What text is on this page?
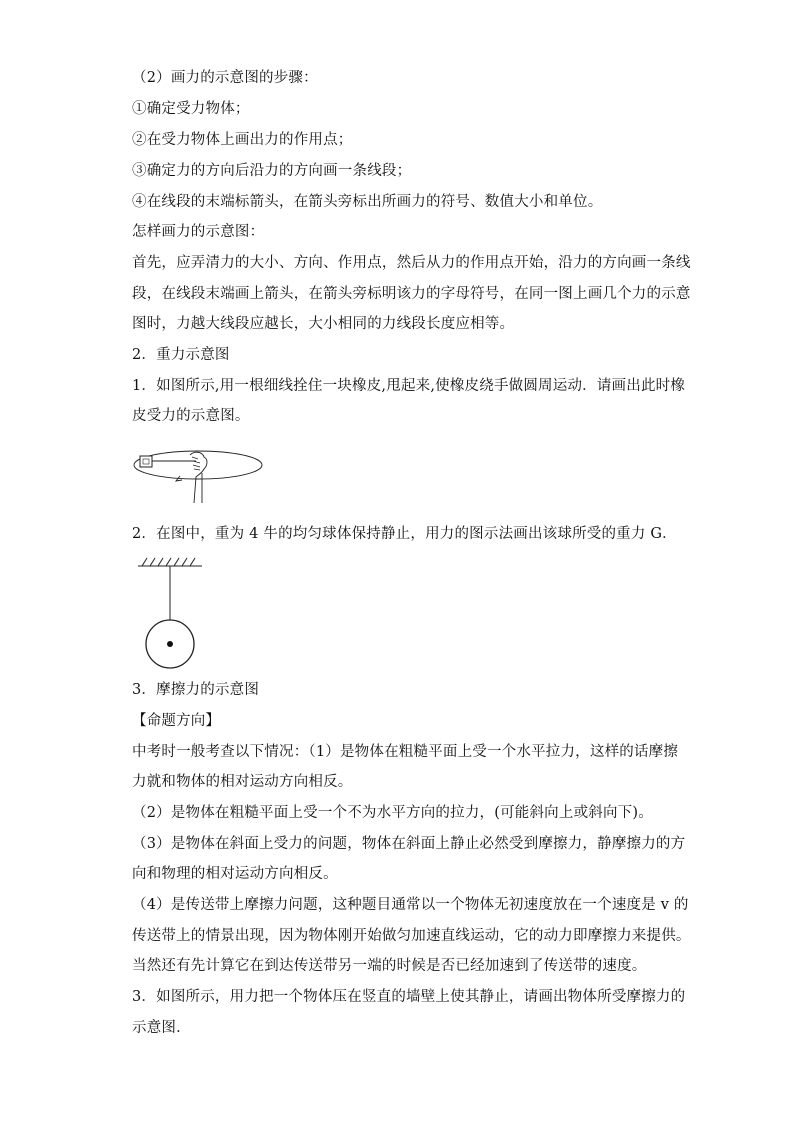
（2）画力的示意图的步骤：
①确定受力物体；
②在受力物体上画出力的作用点；
③确定力的方向后沿力的方向画一条线段；
④在线段的末端标箭头，在箭头旁标出所画力的符号、数值大小和单位。
怎样画力的示意图：
首先，应弄清力的大小、方向、作用点，然后从力的作用点开始，沿力的方向画一条线
段，在线段末端画上箭头，在箭头旁标明该力的字母符号，在同一图上画几个力的示意
图时，力越大线段应越长，大小相同的力线段长度应相等。
2．重力示意图
1．如图所示,用一根细线拴住一块橡皮,甩起来,使橡皮绕手做圆周运动．请画出此时橡
皮受力的示意图。
2．在图中，重为 4 牛的均匀球体保持静止，用力的图示法画出该球所受的重力 G．
3．摩擦力的示意图
【命题方向】
中考时一般考查以下情况：（1）是物体在粗糙平面上受一个水平拉力，这样的话摩擦
力就和物体的相对运动方向相反。
（2）是物体在粗糙平面上受一个不为水平方向的拉力，(可能斜向上或斜向下)。
（3）是物体在斜面上受力的问题，物体在斜面上静止必然受到摩擦力，静摩擦力的方
向和物理的相对运动方向相反。
（4）是传送带上摩擦力问题，这种题目通常以一个物体无初速度放在一个速度是 v 的
传送带上的情景出现，因为物体刚开始做匀加速直线运动，它的动力即摩擦力来提供。
当然还有先计算它在到达传送带另一端的时候是否已经加速到了传送带的速度。
3．如图所示，用力把一个物体压在竖直的墙壁上使其静止，请画出物体所受摩擦力的
示意图．
